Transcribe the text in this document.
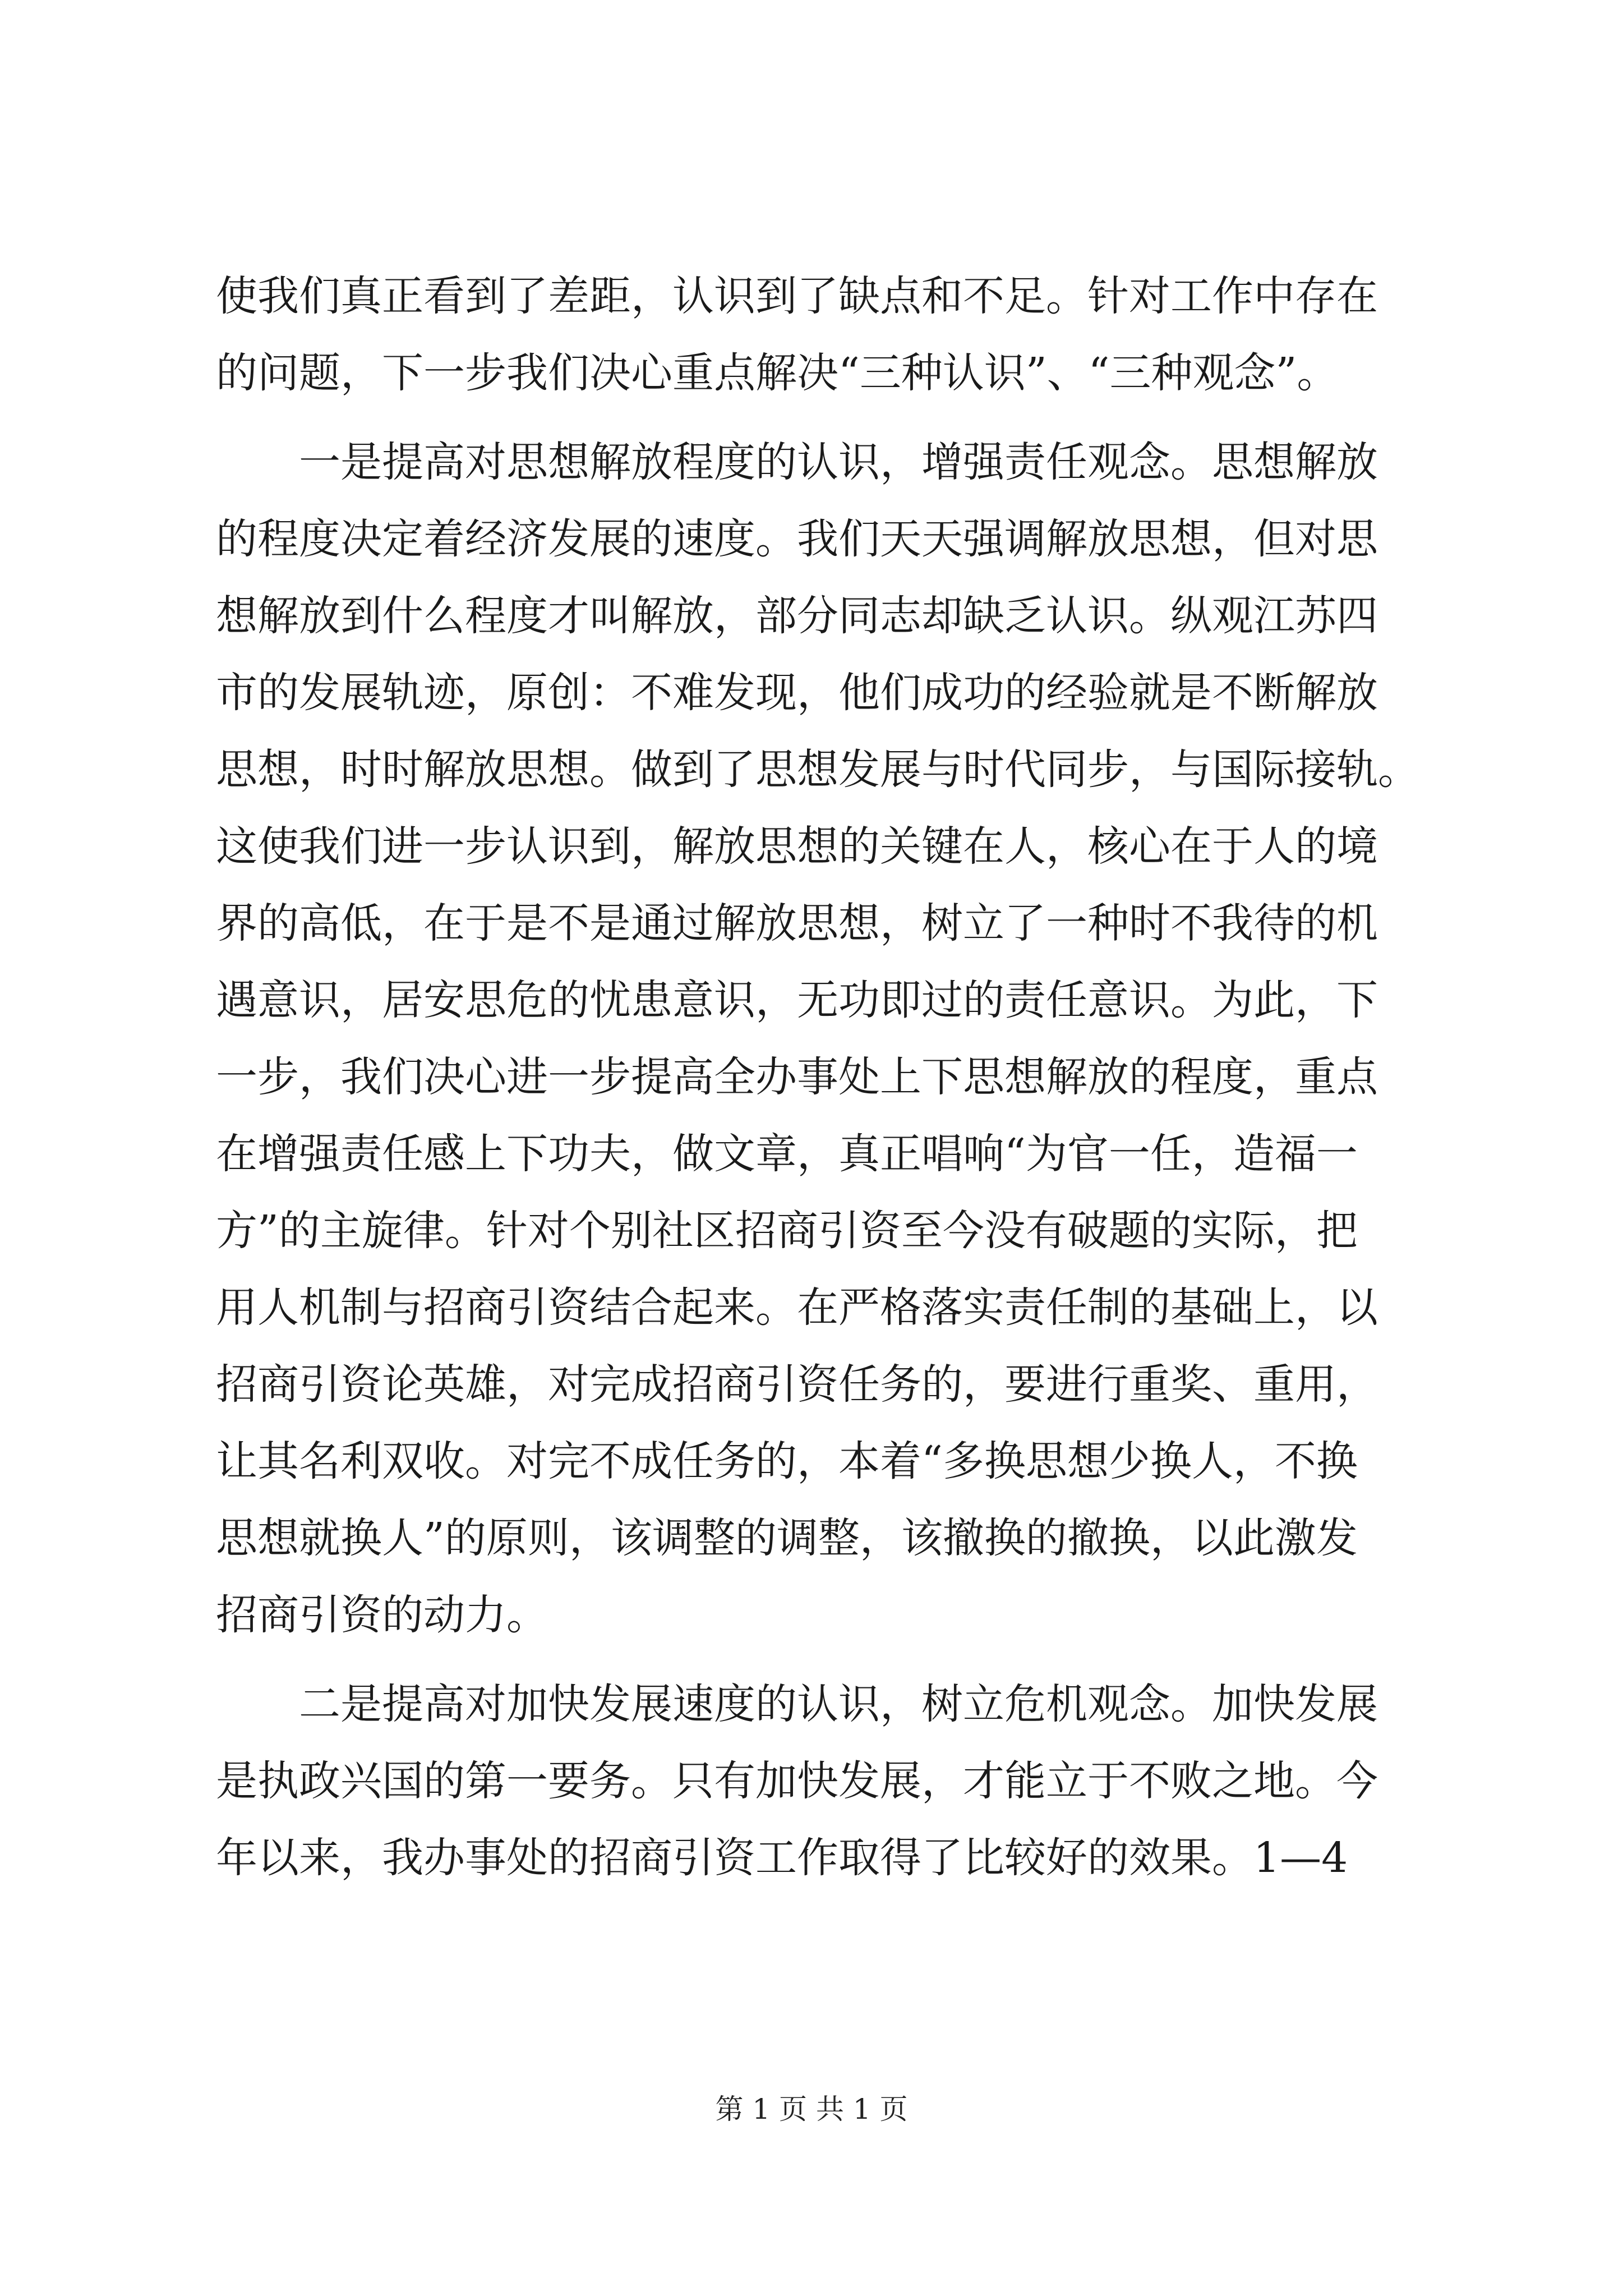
使我们真正看到了差距，认识到了缺点和不足。针对工作中存在
的问题，下一步我们决心重点解决“三种认识”、“三种观念”。
一是提高对思想解放程度的认识，增强责任观念。思想解放
的程度决定着经济发展的速度。我们天天强调解放思想，但对思
想解放到什么程度才叫解放，部分同志却缺乏认识。纵观江苏四
市的发展轨迹，原创：不难发现，他们成功的经验就是不断解放
思想，时时解放思想。做到了思想发展与时代同步，与国际接轨。
这使我们进一步认识到，解放思想的关键在人，核心在于人的境
界的高低，在于是不是通过解放思想，树立了一种时不我待的机
遇意识，居安思危的忧患意识，无功即过的责任意识。为此，下
一步，我们决心进一步提高全办事处上下思想解放的程度，重点
在增强责任感上下功夫，做文章，真正唱响“为官一任，造福一
方”的主旋律。针对个别社区招商引资至今没有破题的实际，把
用人机制与招商引资结合起来。在严格落实责任制的基础上，以
招商引资论英雄，对完成招商引资任务的，要进行重奖、重用，
让其名利双收。对完不成任务的，本着“多换思想少换人，不换
思想就换人”的原则，该调整的调整，该撤换的撤换，以此激发
招商引资的动力。
二是提高对加快发展速度的认识，树立危机观念。加快发展
是执政兴国的第一要务。只有加快发展，才能立于不败之地。今
年以来，我办事处的招商引资工作取得了比较好的效果。1—4
第 1 页 共 1 页
